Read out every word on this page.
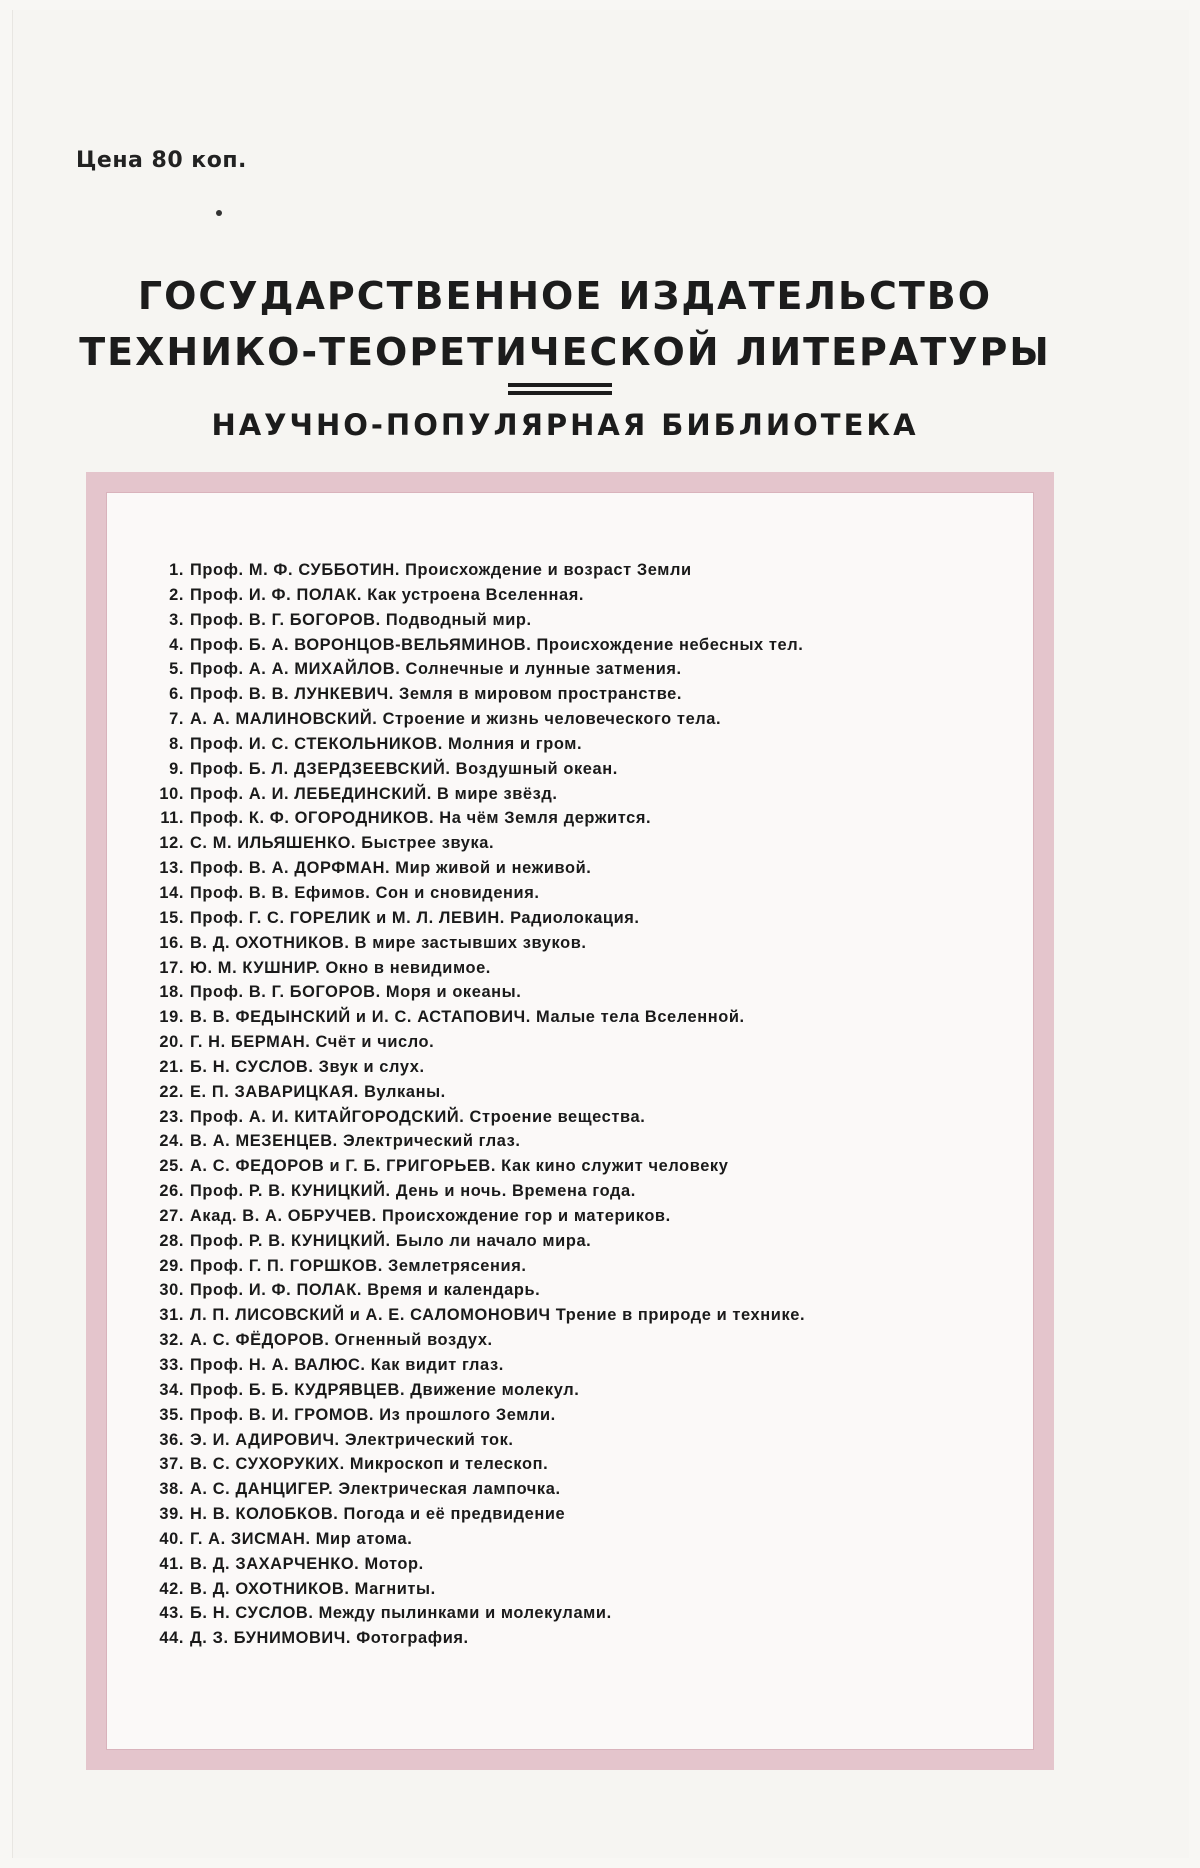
Цена 80 коп.
ГОСУДАРСТВЕННОЕ ИЗДАТЕЛЬСТВО
ТЕХНИКО-ТЕОРЕТИЧЕСКОЙ ЛИТЕРАТУРЫ
НАУЧНО-ПОПУЛЯРНАЯ БИБЛИОТЕКА
1. Проф. М. Ф. СУББОТИН. Происхождение и возраст Земли
2. Проф. И. Ф. ПОЛАК. Как устроена Вселенная.
3. Проф. В. Г. БОГОРОВ. Подводный мир.
4. Проф. Б. А. ВОРОНЦОВ-ВЕЛЬЯМИНОВ. Происхождение небесных тел.
5. Проф. А. А. МИХАЙЛОВ. Солнечные и лунные затмения.
6. Проф. В. В. ЛУНКЕВИЧ. Земля в мировом пространстве.
7. А. А. МАЛИНОВСКИЙ. Строение и жизнь человеческого тела.
8. Проф. И. С. СТЕКОЛЬНИКОВ. Молния и гром.
9. Проф. Б. Л. ДЗЕРДЗЕЕВСКИЙ. Воздушный океан.
10. Проф. А. И. ЛЕБЕДИНСКИЙ. В мире звёзд.
11. Проф. К. Ф. ОГОРОДНИКОВ. На чём Земля держится.
12. С. М. ИЛЬЯШЕНКО. Быстрее звука.
13. Проф. В. А. ДОРФМАН. Мир живой и неживой.
14. Проф. В. В. Ефимов. Сон и сновидения.
15. Проф. Г. С. ГОРЕЛИК и М. Л. ЛЕВИН. Радиолокация.
16. В. Д. ОХОТНИКОВ. В мире застывших звуков.
17. Ю. М. КУШНИР. Окно в невидимое.
18. Проф. В. Г. БОГОРОВ. Моря и океаны.
19. В. В. ФЕДЫНСКИЙ и И. С. АСТАПОВИЧ. Малые тела Вселенной.
20. Г. Н. БЕРМАН. Счёт и число.
21. Б. Н. СУСЛОВ. Звук и слух.
22. Е. П. ЗАВАРИЦКАЯ. Вулканы.
23. Проф. А. И. КИТАЙГОРОДСКИЙ. Строение вещества.
24. В. А. МЕЗЕНЦЕВ. Электрический глаз.
25. А. С. ФЕДОРОВ и Г. Б. ГРИГОРЬЕВ. Как кино служит человеку
26. Проф. Р. В. КУНИЦКИЙ. День и ночь. Времена года.
27. Акад. В. А. ОБРУЧЕВ. Происхождение гор и материков.
28. Проф. Р. В. КУНИЦКИЙ. Было ли начало мира.
29. Проф. Г. П. ГОРШКОВ. Землетрясения.
30. Проф. И. Ф. ПОЛАК. Время и календарь.
31. Л. П. ЛИСОВСКИЙ и А. Е. САЛОМОНОВИЧ Трение в природе и технике.
32. А. С. ФЁДОРОВ. Огненный воздух.
33. Проф. Н. А. ВАЛЮС. Как видит глаз.
34. Проф. Б. Б. КУДРЯВЦЕВ. Движение молекул.
35. Проф. В. И. ГРОМОВ. Из прошлого Земли.
36. Э. И. АДИРОВИЧ. Электрический ток.
37. В. С. СУХОРУКИХ. Микроскоп и телескоп.
38. А. С. ДАНЦИГЕР. Электрическая лампочка.
39. Н. В. КОЛОБКОВ. Погода и её предвидение
40. Г. А. ЗИСМАН. Мир атома.
41. В. Д. ЗАХАРЧЕНКО. Мотор.
42. В. Д. ОХОТНИКОВ. Магниты.
43. Б. Н. СУСЛОВ. Между пылинками и молекулами.
44. Д. З. БУНИМОВИЧ. Фотография.
